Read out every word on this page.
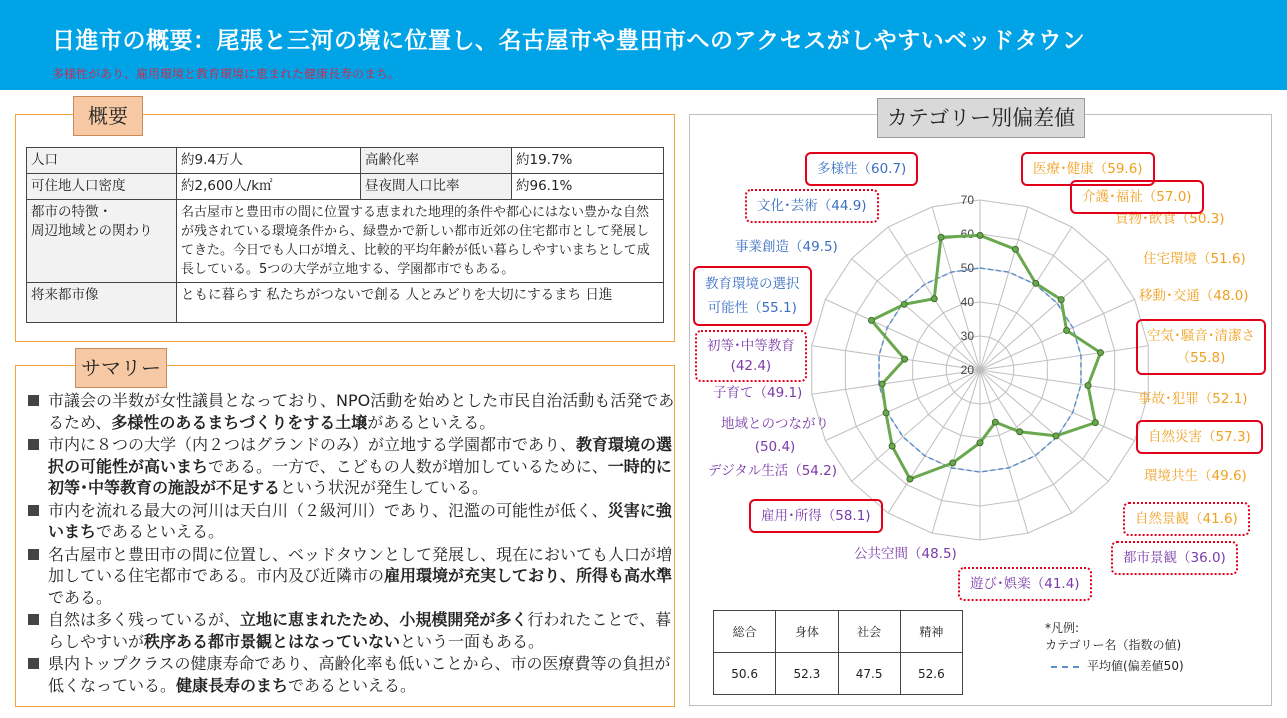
日進市の概要：尾張と三河の境に位置し、名古屋市や豊田市へのアクセスがしやすいベッドタウン
多様性があり、雇用環境と教育環境に恵まれた健康長寿のまち。
概要
人口	約9.4万人	高齢化率	約19.7%
可住地人口密度	約2,600人/k㎡	昼夜間人口比率	約96.1%

都市の特徴・
周辺地域との関わり	名古屋市と豊田市の間に位置する恵まれた地理的条件や都心にはない豊かな自然が残されている環境条件から、緑豊かで新しい都市近郊の住宅都市として発展してきた。今日でも人口が増え、比較的平均年齢が低い暮らしやすいまちとして成長している。5つの大学が立地する、学園都市でもある。		
将来都市像	ともに暮らす 私たちがつないで創る 人とみどりを大切にするまち 日進		
サマリー
市議会の半数が女性議員となっており、NPO活動を始めとした市民自治活動も活発であるため、多様性のあるまちづくりをする土壌があるといえる。
市内に８つの大学（内２つはグランドのみ）が立地する学園都市であり、教育環境の選択の可能性が高いまちである。一方で、こどもの人数が増加しているために、一時的に初等･中等教育の施設が不足するという状況が発生している。
市内を流れる最大の河川は天白川（２級河川）であり、氾濫の可能性が低く、災害に強いまちであるといえる。
名古屋市と豊田市の間に位置し、ベッドタウンとして発展し、現在においても人口が増加している住宅都市である。市内及び近隣市の雇用環境が充実しており、所得も高水準である。
自然は多く残っているが、立地に恵まれたため、小規模開発が多く行われたことで、暮らしやすいが秩序ある都市景観とはなっていないという一面もある。
県内トップクラスの健康寿命であり、高齢化率も低いことから、市の医療費等の負担が低くなっている。健康長寿のまちであるといえる。
カテゴリー別偏差値
20
30
40
50
60
70
多様性（60.7)
文化･芸術（44.9)
事業創造（49.5)
教育環境の選択
可能性（55.1)
初等･中等教育
(42.4)
子育て（49.1)
地域とのつながり
(50.4)
デジタル生活（54.2)
雇用･所得（58.1)
公共空間（48.5)
遊び･娯楽（41.4)
都市景観（36.0)
自然景観（41.6)
環境共生（49.6)
自然災害（57.3)
事故･犯罪（52.1)
空気･騒音･清潔さ（55.8)
移動･交通（48.0)
住宅環境（51.6)
買物･飲食（50.3)
介護･福祉（57.0)
医療･健康（59.6)
総合	身体	社会	精神
50.6	52.3	47.5	52.6
*凡例:
カテゴリー名（指数の値)
平均値(偏差値50)
